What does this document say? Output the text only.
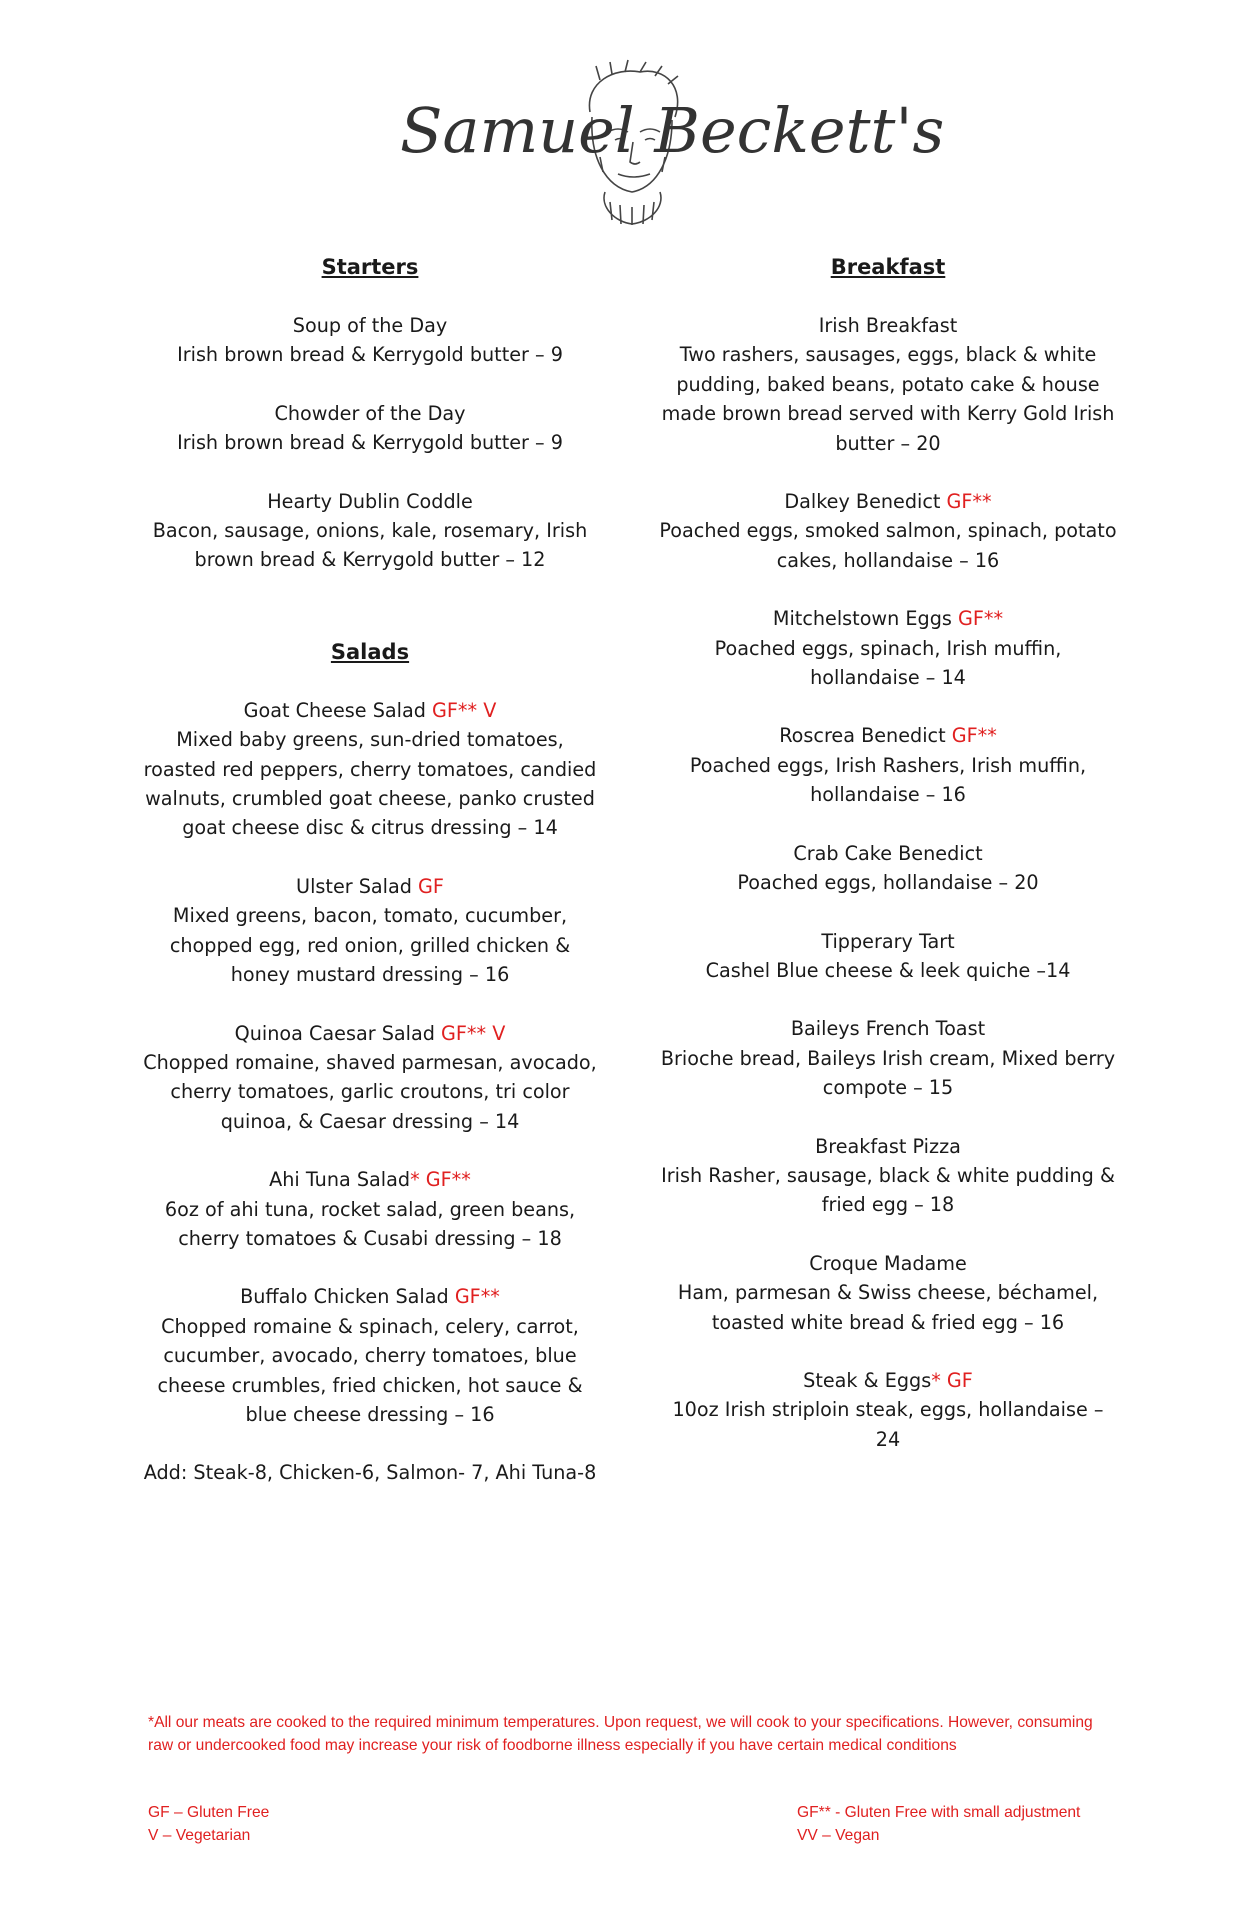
Samuel Beckett's
Starters
Soup of the Day
Irish brown bread & Kerrygold butter – 9
Chowder of the Day
Irish brown bread & Kerrygold butter – 9
Hearty Dublin Coddle
Bacon, sausage, onions, kale, rosemary, Irish brown bread & Kerrygold butter – 12
Salads
Goat Cheese Salad GF** V
Mixed baby greens, sun-dried tomatoes, roasted red peppers, cherry tomatoes, candied walnuts, crumbled goat cheese, panko crusted goat cheese disc & citrus dressing – 14
Ulster Salad GF
Mixed greens, bacon, tomato, cucumber, chopped egg, red onion, grilled chicken & honey mustard dressing – 16
Quinoa Caesar Salad GF** V
Chopped romaine, shaved parmesan, avocado, cherry tomatoes, garlic croutons, tri color quinoa, & Caesar dressing – 14
Ahi Tuna Salad* GF**
6oz of ahi tuna, rocket salad, green beans, cherry tomatoes & Cusabi dressing – 18
Buffalo Chicken Salad GF**
Chopped romaine & spinach, celery, carrot, cucumber, avocado, cherry tomatoes, blue cheese crumbles, fried chicken, hot sauce & blue cheese dressing – 16
Add: Steak-8, Chicken-6, Salmon- 7, Ahi Tuna-8
Breakfast
Irish Breakfast
Two rashers, sausages, eggs, black & white pudding, baked beans, potato cake & house made brown bread served with Kerry Gold Irish butter – 20
Dalkey Benedict GF**
Poached eggs, smoked salmon, spinach, potato cakes, hollandaise – 16
Mitchelstown Eggs GF**
Poached eggs, spinach, Irish muffin, hollandaise – 14
Roscrea Benedict GF**
Poached eggs, Irish Rashers, Irish muffin, hollandaise – 16
Crab Cake Benedict
Poached eggs, hollandaise – 20
Tipperary Tart
Cashel Blue cheese & leek quiche –14
Baileys French Toast
Brioche bread, Baileys Irish cream, Mixed berry compote – 15
Breakfast Pizza
Irish Rasher, sausage, black & white pudding & fried egg – 18
Croque Madame
Ham, parmesan & Swiss cheese, béchamel, toasted white bread & fried egg – 16
Steak & Eggs* GF
10oz Irish striploin steak, eggs, hollandaise – 24
*All our meats are cooked to the required minimum temperatures. Upon request, we will cook to your specifications. However, consuming raw or undercooked food may increase your risk of foodborne illness especially if you have certain medical conditions
GF – Gluten Free
V – Vegetarian
GF** - Gluten Free with small adjustment
VV – Vegan
